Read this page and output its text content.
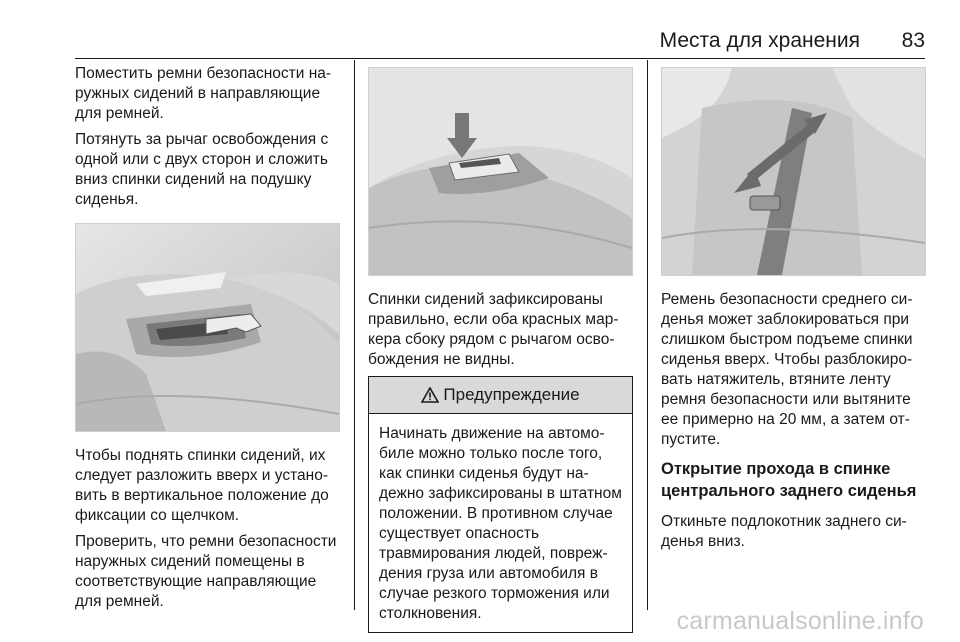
Места для хранения 83

Поместить ремни безопасности наружных сидений в направляющие для ремней.

Потянуть за рычаг освобождения с одной или с двух сторон и сложить вниз спинки сидений на подушку сиденья.

Чтобы поднять спинки сидений, их следует разложить вверх и установить в вертикальное положение до фиксации со щелчком.

Проверить, что ремни безопасности наружных сидений помещены в соответствующие направляющие для ремней.

Спинки сидений зафиксированы правильно, если оба красных маркера сбоку рядом с рычагом освобождения не видны.

Предупреждение
Начинать движение на автомобиле можно только после того, как спинки сиденья будут надежно зафиксированы в штатном положении. В противном случае существует опасность травмирования людей, повреждения груза или автомобиля в случае резкого торможения или столкновения.

Ремень безопасности среднего сиденья может заблокироваться при слишком быстром подъеме спинки сиденья вверх. Чтобы разблокировать натяжитель, втяните ленту ремня безопасности или вытяните ее примерно на 20 мм, а затем отпустите.

Открытие прохода в спинке центрального заднего сиденья

Откиньте подлокотник заднего сиденья вниз.

carmanualsonline.info
